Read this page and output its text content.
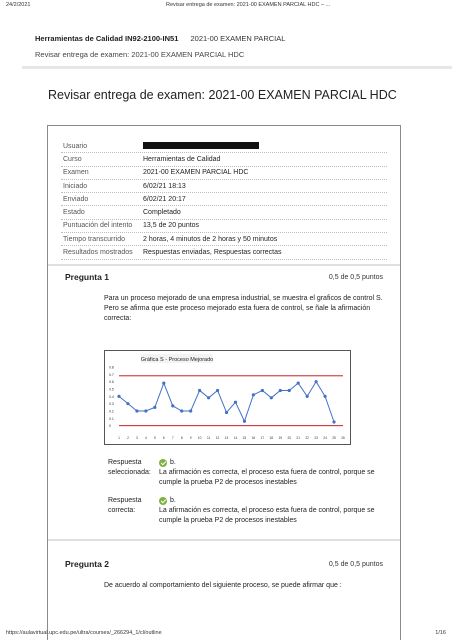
24/2/2021	Revisar entrega de examen: 2021-00 EXAMEN PARCIAL HDC – ...
Herramientas de Calidad IN92-2100-IN51 2021-00 EXAMEN PARCIAL
Revisar entrega de examen: 2021-00 EXAMEN PARCIAL HDC
Revisar entrega de examen: 2021-00 EXAMEN PARCIAL HDC
Usuario
Curso	Herramientas de Calidad
Examen	2021-00 EXAMEN PARCIAL HDC
Iniciado	6/02/21 18:13
Enviado	6/02/21 20:17
Estado	Completado
Puntuación del intento	13,5 de 20 puntos
Tiempo transcurrido	2 horas, 4 minutos de 2 horas y 50 minutos
Resultados mostrados	Respuestas enviadas, Respuestas correctas
Pregunta 1	0,5 de 0,5 puntos
Para un proceso mejorado de una empresa industrial, se muestra el graficos de control S. Pero se afirma que este proceso mejorado esta fuera de control, se ñale la afirmación correcta:
Gráfica S - Proceso Mejorado
0.8
0.7
0.6
0.5
0.4
0.3
0.2
0.1
0
1 2 3 4 5 6 7 8 9 10 11 12 13 14 15 16 17 18 19 20 21 22 23 24 25 26
Respuesta seleccionada:
b.
La afirmación es correcta, el proceso esta fuera de control, porque se cumple la prueba P2 de procesos inestables
Respuesta correcta:
b.
La afirmación es correcta, el proceso esta fuera de control, porque se cumple la prueba P2 de procesos inestables
Pregunta 2	0,5 de 0,5 puntos
De acuerdo al comportamiento del siguiente proceso, se puede afirmar que :
https://aulavirtual.upc.edu.pe/ultra/courses/_266294_1/cl/outline	1/16
